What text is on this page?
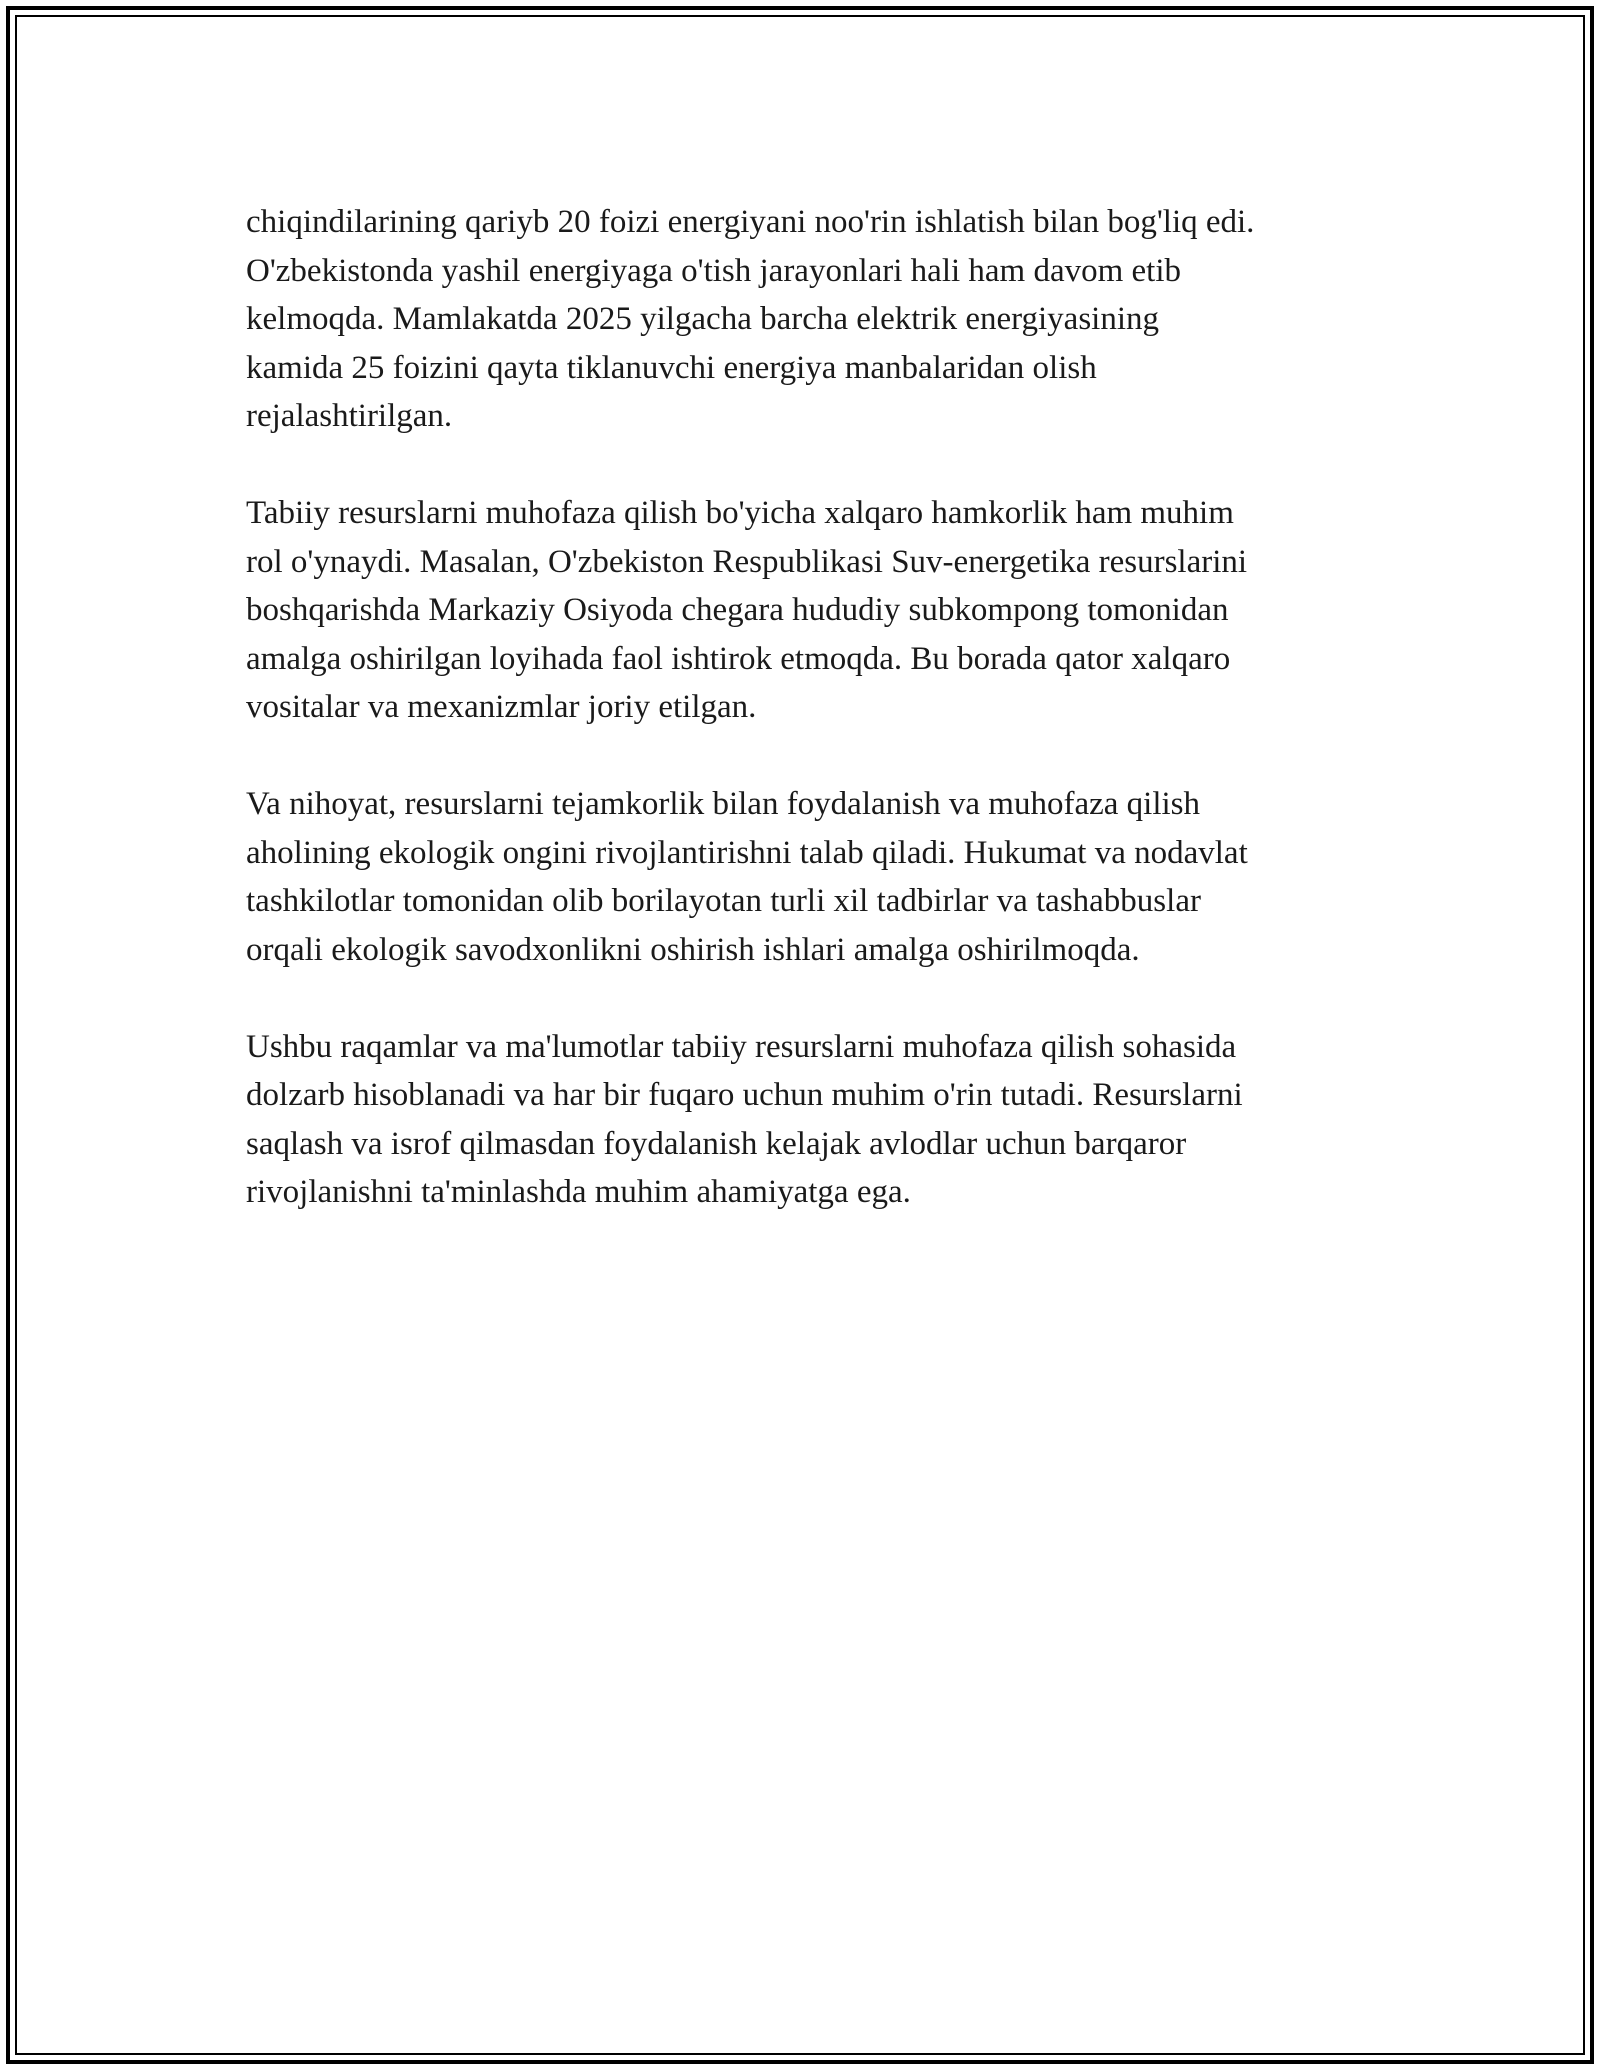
chiqindilarining qariyb 20 foizi energiyani noo'rin ishlatish bilan bog'liq edi.
O'zbekistonda yashil energiyaga o'tish jarayonlari hali ham davom etib
kelmoqda. Mamlakatda 2025 yilgacha barcha elektrik energiyasining
kamida 25 foizini qayta tiklanuvchi energiya manbalaridan olish
rejalashtirilgan.

Tabiiy resurslarni muhofaza qilish bo'yicha xalqaro hamkorlik ham muhim
rol o'ynaydi. Masalan, O'zbekiston Respublikasi Suv-energetika resurslarini
boshqarishda Markaziy Osiyoda chegara hududiy subkompong tomonidan
amalga oshirilgan loyihada faol ishtirok etmoqda. Bu borada qator xalqaro
vositalar va mexanizmlar joriy etilgan.

Va nihoyat, resurslarni tejamkorlik bilan foydalanish va muhofaza qilish
aholining ekologik ongini rivojlantirishni talab qiladi. Hukumat va nodavlat
tashkilotlar tomonidan olib borilayotan turli xil tadbirlar va tashabbuslar
orqali ekologik savodxonlikni oshirish ishlari amalga oshirilmoqda.

Ushbu raqamlar va ma'lumotlar tabiiy resurslarni muhofaza qilish sohasida
dolzarb hisoblanadi va har bir fuqaro uchun muhim o'rin tutadi. Resurslarni
saqlash va isrof qilmasdan foydalanish kelajak avlodlar uchun barqaror
rivojlanishni ta'minlashda muhim ahamiyatga ega.
